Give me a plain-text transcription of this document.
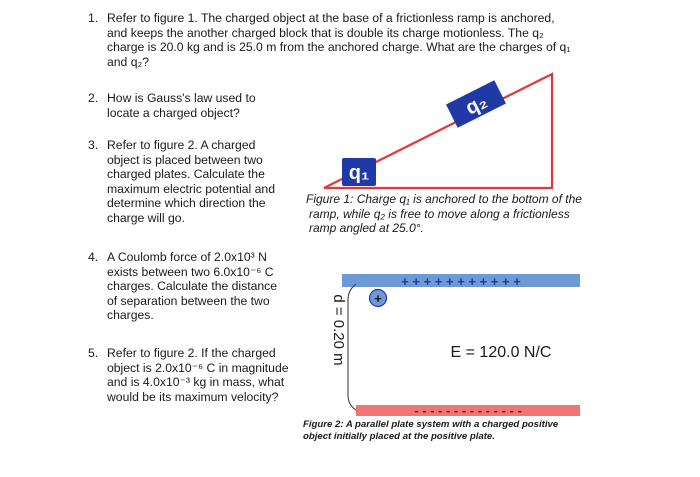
1. Refer to figure 1. The charged object at the base of a frictionless ramp is anchored,
and keeps the another charged block that is double its charge motionless. The q₂
charge is 20.0 kg and is 25.0 m from the anchored charge. What are the charges of q₁
and q₂?
2. How is Gauss's law used to
locate a charged object?
3. Refer to figure 2. A charged
object is placed between two
charged plates. Calculate the
maximum electric potential and
determine which direction the
charge will go.
4. A Coulomb force of 2.0x10³ N
exists between two 6.0x10⁻⁶ C
charges. Calculate the distance
of separation between the two
charges.
5. Refer to figure 2. If the charged
object is 2.0x10⁻⁶ C in magnitude
and is 4.0x10⁻³ kg in mass, what
would be its maximum velocity?
q₂
q₁
+ + + + + + + + + + +
- - - - - - - - - - - - - -
+
d = 0.20 m	E = 120.0 N/C
Figure 1: Charge q₁ is anchored to the bottom of the
ramp, while q₂ is free to move along a frictionless
ramp angled at 25.0°.
Figure 2: A parallel plate system with a charged positive
object initially placed at the positive plate.
